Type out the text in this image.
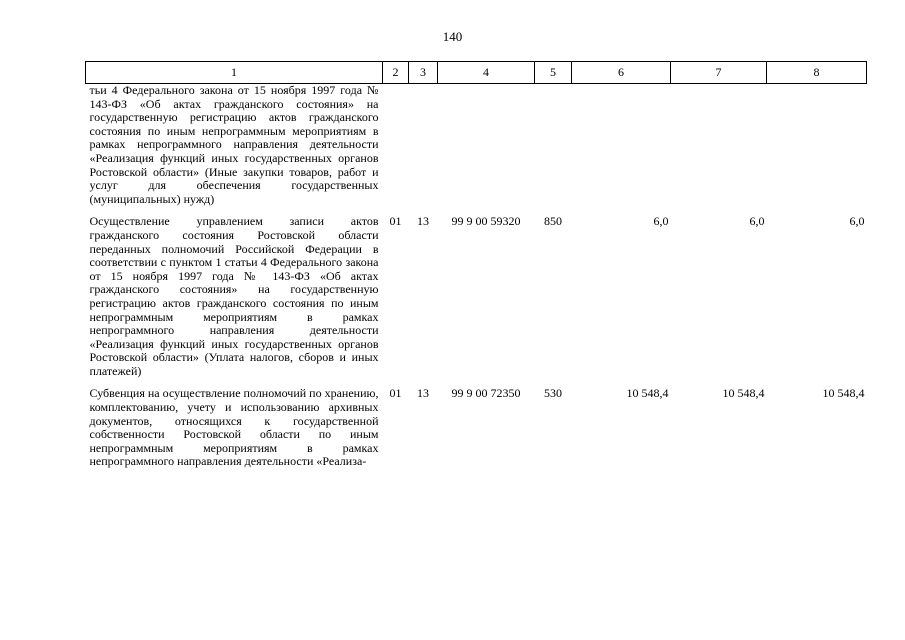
140
1	2	3	4	5	6	7	8
тьи 4 Федерального закона от 15 ноября 1997 года № 143-ФЗ «Об актах гражданского состояния» на государственную регистрацию актов гражданского состояния по иным непрограммным мероприятиям в рамках непрограммного направления деятельности «Реализация функций иных государственных органов Ростовской области» (Иные закупки товаров, работ и услуг для обеспечения государственных (муниципальных) нужд)							
Осуществление управлением записи актов гражданского состояния Ростовской области переданных полномочий Российской Федерации в соответствии с пунктом 1 статьи 4 Федерального закона от 15 ноября 1997 года № 143-ФЗ «Об актах гражданского состояния» на государственную регистрацию актов гражданского состояния по иным непрограммным мероприятиям в рамках непрограммного направления деятельности «Реализация функций иных государственных органов Ростовской области» (Уплата налогов, сборов и иных платежей)	01	13	99 9 00 59320	850	6,0	6,0	6,0
Субвенция на осуществление полномочий по хранению, комплектованию, учету и использованию архивных документов, относящихся к государственной собственности Ростовской области по иным непрограммным мероприятиям в рамках непрограммного направления деятельности «Реализа-	01	13	99 9 00 72350	530	10 548,4	10 548,4	10 548,4
